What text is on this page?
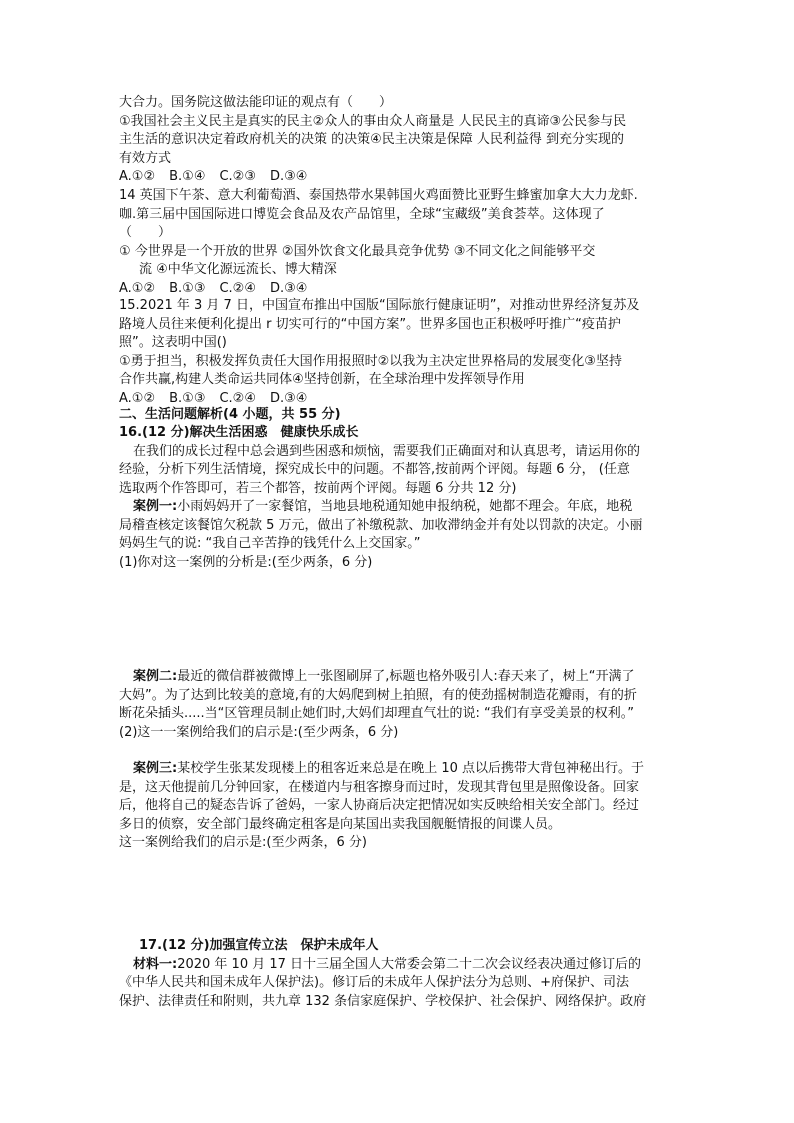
大合力。国务院这做法能印证的观点有（　　）
①我国社会主义民主是真实的民主②众人的事由众人商量是 人民民主的真谛③公民参与民
主生活的意识决定着政府机关的决策 的决策④民主决策是保障 人民利益得 到充分实现的
有效方式
A.①② B.①④ C.②③ D.③④
14 英国下午茶、意大利葡萄酒、泰国热带水果韩国火鸡面赞比亚野生蜂蜜加拿大大力龙虾.
咖.第三届中国国际进口博览会食品及农产品馆里，全球“宝藏级”美食荟萃。这体现了
（　　）
① 今世界是一个开放的世界 ②国外饮食文化最具竞争优势 ③不同文化之间能够平交
流 ④中华文化源远流长、博大精深
A.①② B.①③ C.②④ D.③④
15.2021 年 3 月 7 日，中国宣布推出中国版“国际旅行健康证明”，对推动世界经济复苏及
路境人员往来便利化提出 r 切实可行的“中国方案”。世界多国也正积极呼吁推广“疫苗护
照”。这表明中国()
①勇于担当，积极发挥负责任大国作用报照时②以我为主决定世界格局的发展变化③坚持
合作共赢,构建人类命运共同体④坚持创新，在全球治理中发挥领导作用
A.①② B.①③ C.②④ D.③④
二、生活问题解析(4 小题，共 55 分)
16.(12 分)解决生活困惑　健康快乐成长
在我们的成长过程中总会遇到些困惑和烦恼，需要我们正确面对和认真思考，请运用你的
经验，分析下列生活情境，探究成长中的问题。不都答,按前两个评阅。每题 6 分， (任意
选取两个作答即可，若三个都答，按前两个评阅。每题 6 分共 12 分)
案例一:小雨妈妈开了一家餐馆，当地县地税通知她申报纳税，她都不理会。年底，地税
局稽查核定该餐馆欠税款 5 万元，做出了补缴税款、加收滞纳金并有处以罚款的决定。小丽
妈妈生气的说: “我自己辛苦挣的钱凭什么上交国家。”
(1)你对这一案例的分析是:(至少两条，6 分)
案例二:最近的微信群被微博上一张图刷屏了,标题也格外吸引人:春天来了，树上“开满了
大妈”。为了达到比较美的意境,有的大妈爬到树上拍照，有的使劲摇树制造花瓣雨，有的折
断花朵插头.....当“区管理员制止她们时,大妈们却理直气壮的说: “我们有享受美景的权利。”
(2)这一一案例给我们的启示是:(至少两条，6 分)
案例三:某校学生张某发现楼上的租客近来总是在晚上 10 点以后携带大背包神秘出行。于
是，这天他提前几分钟回家，在楼道内与租客擦身而过时，发现其背包里是照像设备。回家
后，他将自己的疑态告诉了爸妈，一家人协商后决定把情况如实反映给相关安全部门。经过
多日的侦察，安全部门最终确定租客是向某国出卖我国舰艇情报的间谍人员。
这一案例给我们的启示是:(至少两条，6 分)
17.(12 分)加强宣传立法　保护未成年人
材料一:2020 年 10 月 17 日十三届全国人大常委会第二十二次会议经表决通过修订后的
《中华人民共和国未成年人保护法)。修订后的未成年人保护法分为总则、+府保护、司法
保护、法律责任和附则，共九章 132 条信家庭保护、学校保护、社会保护、网络保护。政府
